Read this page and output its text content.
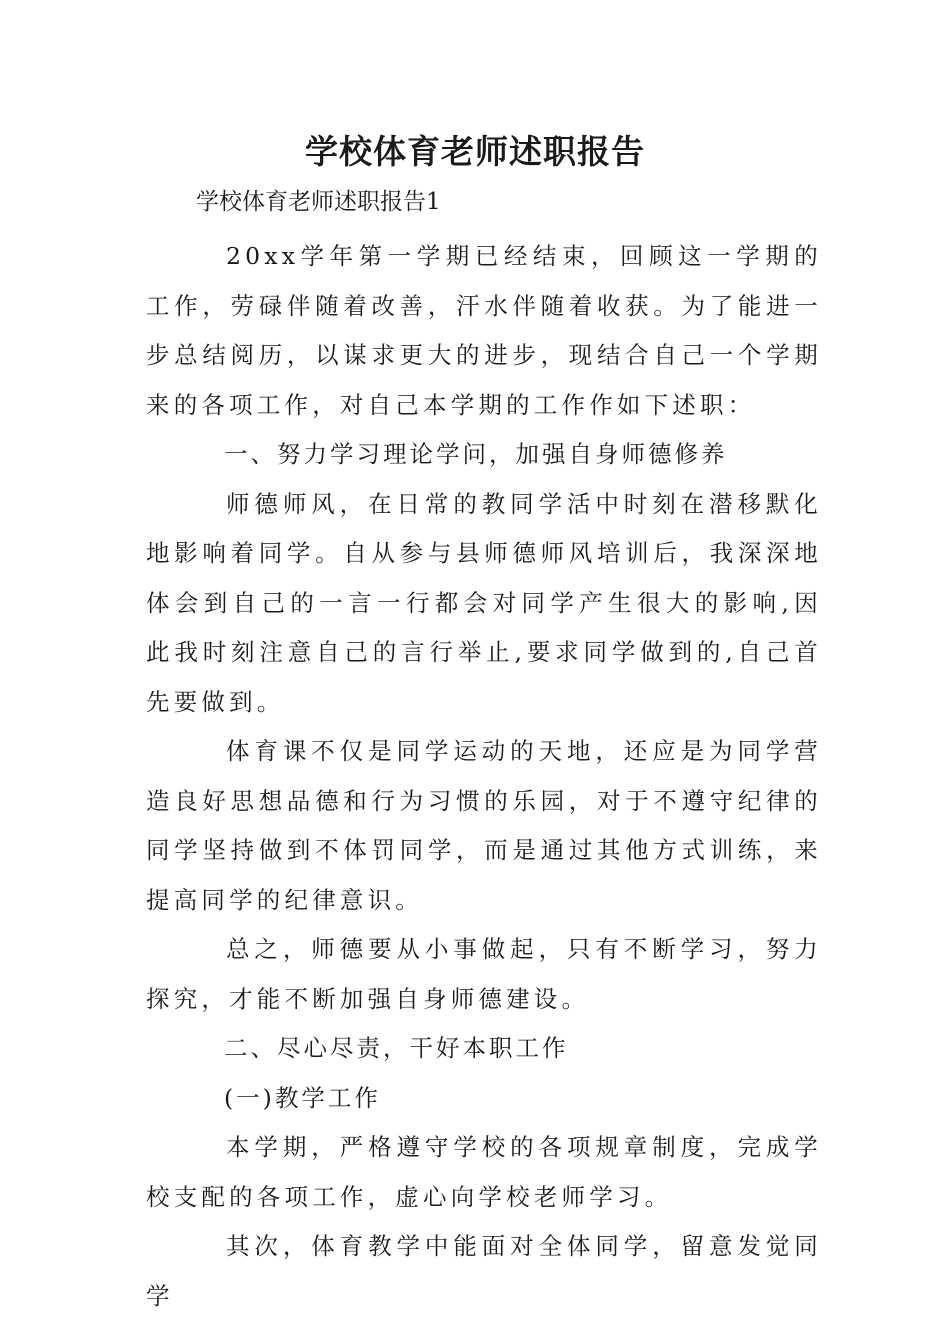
学校体育老师述职报告

学校体育老师述职报告1

20xx学年第一学期已经结束，回顾这一学期的工作，劳碌伴随着改善，汗水伴随着收获。为了能进一步总结阅历，以谋求更大的进步，现结合自己一个学期来的各项工作，对自己本学期的工作作如下述职：

一、努力学习理论学问，加强自身师德修养

师德师风，在日常的教同学活中时刻在潜移默化地影响着同学。自从参与县师德师风培训后，我深深地体会到自己的一言一行都会对同学产生很大的影响,因此我时刻注意自己的言行举止,要求同学做到的,自己首先要做到。

体育课不仅是同学运动的天地，还应是为同学营造良好思想品德和行为习惯的乐园，对于不遵守纪律的同学坚持做到不体罚同学，而是通过其他方式训练，来提高同学的纪律意识。

总之，师德要从小事做起，只有不断学习，努力探究，才能不断加强自身师德建设。

二、尽心尽责，干好本职工作

(一)教学工作

本学期，严格遵守学校的各项规章制度，完成学校支配的各项工作，虚心向学校老师学习。

其次，体育教学中能面对全体同学，留意发觉同学
